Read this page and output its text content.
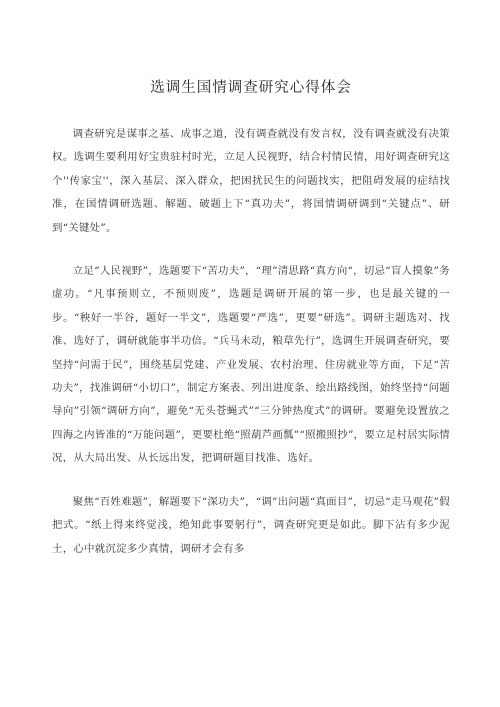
选调生国情调查研究心得体会

调查研究是谋事之基、成事之道，没有调查就没有发言权，没有调查就没有决策权。选调生要利用好宝贵驻村时光，立足人民视野，结合村情民情，用好调查研究这个''传家宝''，深入基层、深入群众，把困扰民生的问题找实，把阻碍发展的症结找准，在国情调研选题、解题、破题上下“真功夫”，将国情调研调到“关键点”、研到“关键处”。

立足“人民视野”，选题要下“苦功夫”，“理”清思路“真方向“，切忌“盲人摸象”务虚功。“凡事预则立，不预则废”，选题是调研开展的第一步，也是最关键的一步。“秧好一半谷，题好一半文”，选题要“严选”，更要“研选”。调研主题选对、找准、选好了，调研就能事半功倍。“兵马未动，粮草先行”，选调生开展调查研究，要坚持“问需于民”，围绕基层党建、产业发展、农村治理、住房就业等方面，下足“苦功夫”，找准调研“小切口”，制定方案表、列出进度条、绘出路线图，始终坚持“问题导向”引领“调研方向”，避免“无头苍蝇式”“三分钟热度式”的调研。要避免设置放之四海之内皆准的“万能问题”，更要杜绝“照葫芦画瓢”“照搬照抄”，要立足村居实际情况，从大局出发、从长远出发，把调研题目找准、选好。

聚焦“百姓难题”，解题要下“深功夫”，“调”出问题“真面目”，切忌“走马观花”假把式。“纸上得来终觉浅，绝知此事要躬行”，调查研究更是如此。脚下沾有多少泥土，心中就沉淀多少真情，调研才会有多
